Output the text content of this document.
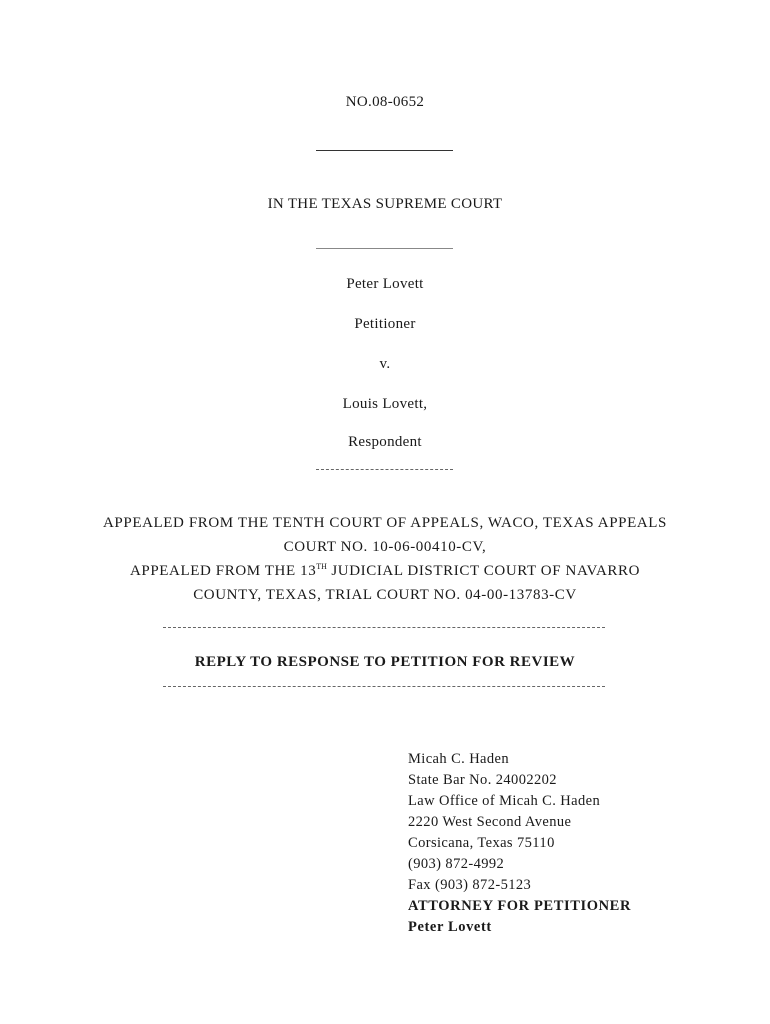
NO.08-0652
IN THE TEXAS SUPREME COURT
Peter Lovett
Petitioner
v.
Louis Lovett,
Respondent
APPEALED FROM THE TENTH COURT OF APPEALS, WACO, TEXAS APPEALS
COURT NO. 10-06-00410-CV,
APPEALED FROM THE 13TH JUDICIAL DISTRICT COURT OF NAVARRO
COUNTY, TEXAS, TRIAL COURT NO. 04-00-13783-CV
REPLY TO RESPONSE TO PETITION FOR REVIEW
Micah C. Haden
State Bar No. 24002202
Law Office of Micah C. Haden
2220 West Second Avenue
Corsicana, Texas 75110
(903) 872-4992
Fax (903) 872-5123
ATTORNEY FOR PETITIONER
Peter Lovett
